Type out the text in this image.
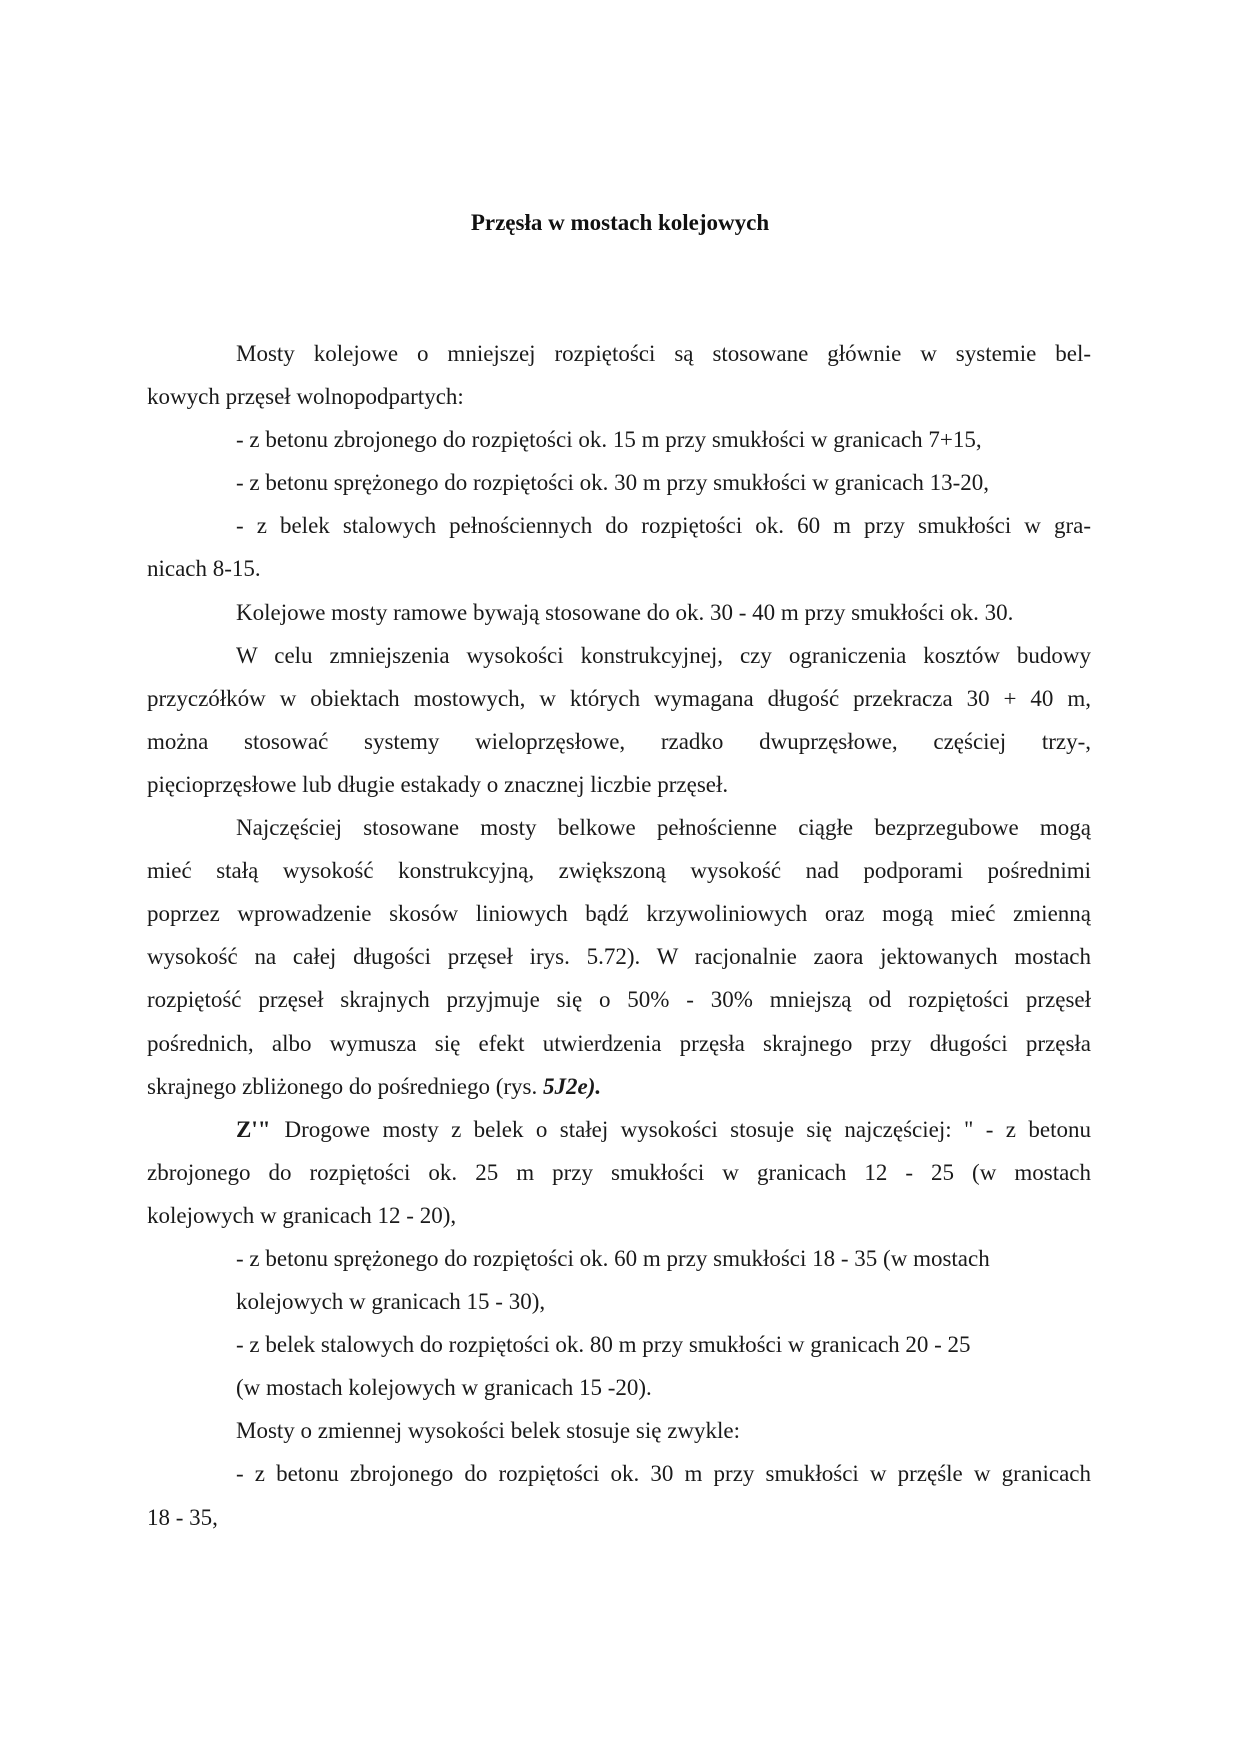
Przęsła w mostach kolejowych
Mosty kolejowe o mniejszej rozpiętości są stosowane głównie w systemie bel-
kowych przęseł wolnopodpartych:
- z betonu zbrojonego do rozpiętości ok. 15 m przy smukłości w granicach 7+15,
- z betonu sprężonego do rozpiętości ok. 30 m przy smukłości w granicach 13-20,
- z belek stalowych pełnościennych do rozpiętości ok. 60 m przy smukłości w gra-
nicach 8-15.
Kolejowe mosty ramowe bywają stosowane do ok. 30 - 40 m przy smukłości ok. 30.
W celu zmniejszenia wysokości konstrukcyjnej, czy ograniczenia kosztów budowy
przyczółków w obiektach mostowych, w których wymagana długość przekracza 30 + 40 m,
można stosować systemy wieloprzęsłowe, rzadko dwuprzęsłowe, częściej trzy-,
pięcioprzęsłowe lub długie estakady o znacznej liczbie przęseł.
Najczęściej stosowane mosty belkowe pełnościenne ciągłe bezprzegubowe mogą
mieć stałą wysokość konstrukcyjną, zwiększoną wysokość nad podporami pośrednimi
poprzez wprowadzenie skosów liniowych bądź krzywoliniowych oraz mogą mieć zmienną
wysokość na całej długości przęseł irys. 5.72). W racjonalnie zaora jektowanych mostach
rozpiętość przęseł skrajnych przyjmuje się o 50% - 30% mniejszą od rozpiętości przęseł
pośrednich, albo wymusza się efekt utwierdzenia przęsła skrajnego przy długości przęsła
skrajnego zbliżonego do pośredniego (rys. 5J2e).
Z'" Drogowe mosty z belek o stałej wysokości stosuje się najczęściej: " - z betonu
zbrojonego do rozpiętości ok. 25 m przy smukłości w granicach 12 - 25 (w mostach
kolejowych w granicach 12 - 20),
- z betonu sprężonego do rozpiętości ok. 60 m przy smukłości 18 - 35 (w mostach
kolejowych w granicach 15 - 30),
- z belek stalowych do rozpiętości ok. 80 m przy smukłości w granicach 20 - 25
(w mostach kolejowych w granicach 15 -20).
Mosty o zmiennej wysokości belek stosuje się zwykle:
- z betonu zbrojonego do rozpiętości ok. 30 m przy smukłości w przęśle w granicach
18 - 35,
